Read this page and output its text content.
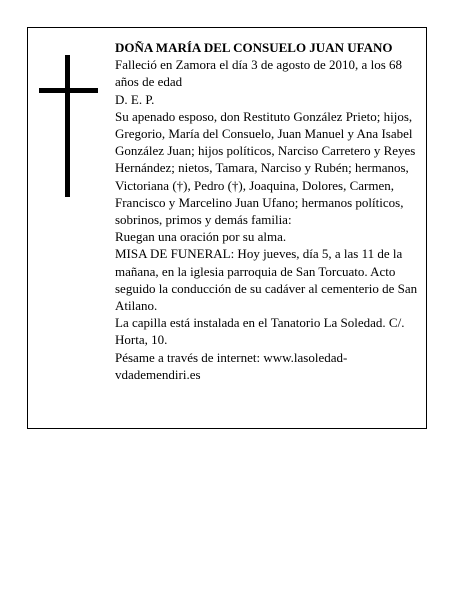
DOÑA MARÍA DEL CONSUELO JUAN UFANO

Falleció en Zamora el día 3 de agosto de 2010, a los 68 años de edad

D. E. P.

Su apenado esposo, don Restituto González Prieto; hijos, Gregorio, María del Consuelo, Juan Manuel y Ana Isabel González Juan; hijos políticos, Narciso Carretero y Reyes Hernández; nietos, Tamara, Narciso y Rubén; hermanos, Victoriana (†), Pedro (†), Joaquina, Dolores, Carmen, Francisco y Marcelino Juan Ufano; hermanos políticos, sobrinos, primos y demás familia:

Ruegan una oración por su alma.

MISA DE FUNERAL: Hoy jueves, día 5, a las 11 de la mañana, en la iglesia parroquia de San Torcuato. Acto seguido la conducción de su cadáver al cementerio de San Atilano.

La capilla está instalada en el Tanatorio La Soledad. C/. Horta, 10.

Pésame a través de internet: www.lasoledad-vdademendiri.es
